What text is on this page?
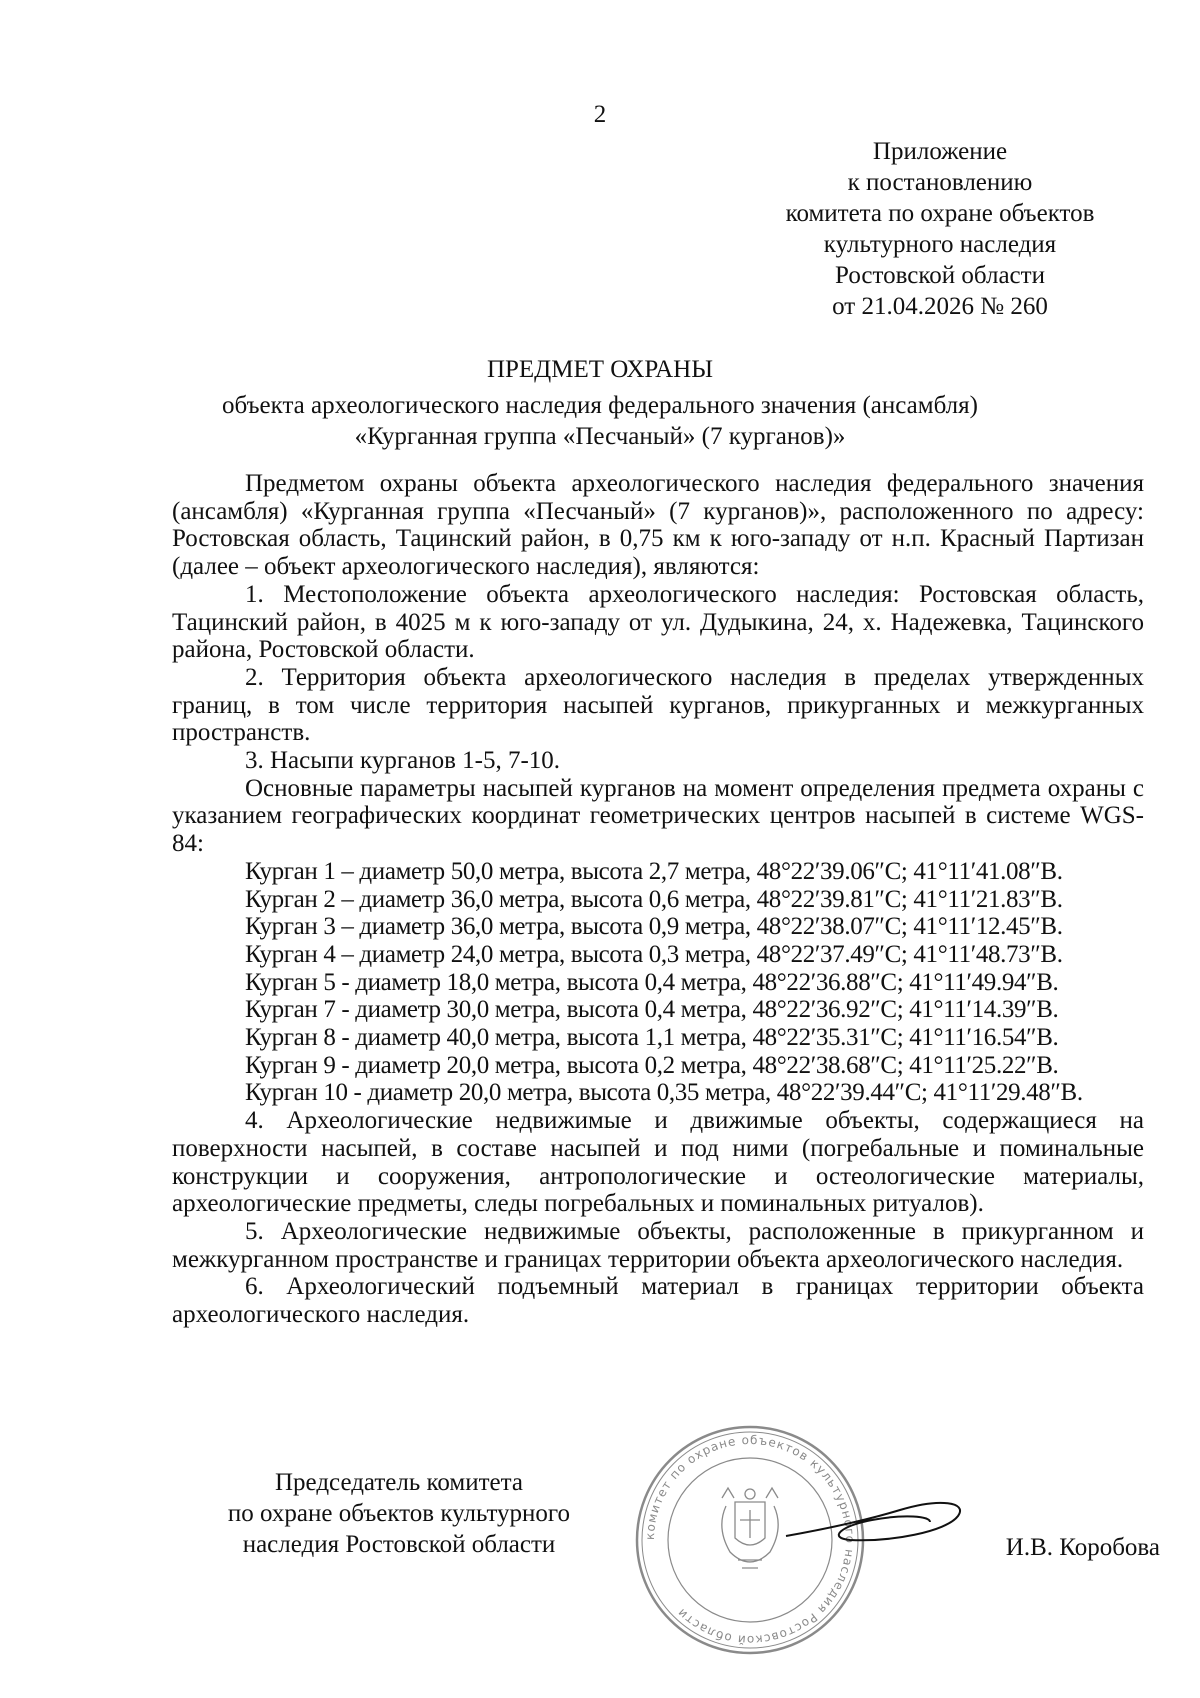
2
Приложение
к постановлению
комитета по охране объектов
культурного наследия
Ростовской области
от 21.04.2026 № 260
ПРЕДМЕТ ОХРАНЫ
объекта археологического наследия федерального значения (ансамбля)
«Курганная группа «Песчаный» (7 курганов)»

Предметом охраны объекта археологического наследия федерального значения (ансамбля) «Курганная группа «Песчаный» (7 курганов)», расположенного по адресу: Ростовская область, Тацинский район, в 0,75 км к юго-западу от н.п. Красный Партизан (далее – объект археологического наследия), являются:

1. Местоположение объекта археологического наследия: Ростовская область, Тацинский район, в 4025 м к юго-западу от ул. Дудыкина, 24, х. Надежевка, Тацинского района, Ростовской области.

2. Территория объекта археологического наследия в пределах утвержденных границ, в том числе территория насыпей курганов, прикурганных и межкурганных пространств.

3. Насыпи курганов 1-5, 7-10.

Основные параметры насыпей курганов на момент определения предмета охраны с указанием географических координат геометрических центров насыпей в системе WGS-84:

Курган 1 – диаметр 50,0 метра, высота 2,7 метра, 48°22′39.06″С; 41°11′41.08″В.
Курган 2 – диаметр 36,0 метра, высота 0,6 метра, 48°22′39.81″С; 41°11′21.83″В.
Курган 3 – диаметр 36,0 метра, высота 0,9 метра, 48°22′38.07″С; 41°11′12.45″В.
Курган 4 – диаметр 24,0 метра, высота 0,3 метра, 48°22′37.49″С; 41°11′48.73″В.
Курган 5 - диаметр 18,0 метра, высота 0,4 метра, 48°22′36.88″С; 41°11′49.94″В.
Курган 7 - диаметр 30,0 метра, высота 0,4 метра, 48°22′36.92″С; 41°11′14.39″В.
Курган 8 - диаметр 40,0 метра, высота 1,1 метра, 48°22′35.31″С; 41°11′16.54″В.
Курган 9 - диаметр 20,0 метра, высота 0,2 метра, 48°22′38.68″С; 41°11′25.22″В.
Курган 10 - диаметр 20,0 метра, высота 0,35 метра, 48°22′39.44″С; 41°11′29.48″В.

4. Археологические недвижимые и движимые объекты, содержащиеся на поверхности насыпей, в составе насыпей и под ними (погребальные и поминальные конструкции и сооружения, антропологические и остеологические материалы, археологические предметы, следы погребальных и поминальных ритуалов).

5. Археологические недвижимые объекты, расположенные в прикурганном и межкурганном пространстве и границах территории объекта археологического наследия.

6. Археологический подъемный материал в границах территории объекта археологического наследия.

Председатель комитета
по охране объектов культурного
наследия Ростовской области	комитет по охране объектов культурного наследия Ростовской области
И.В. Коробова
